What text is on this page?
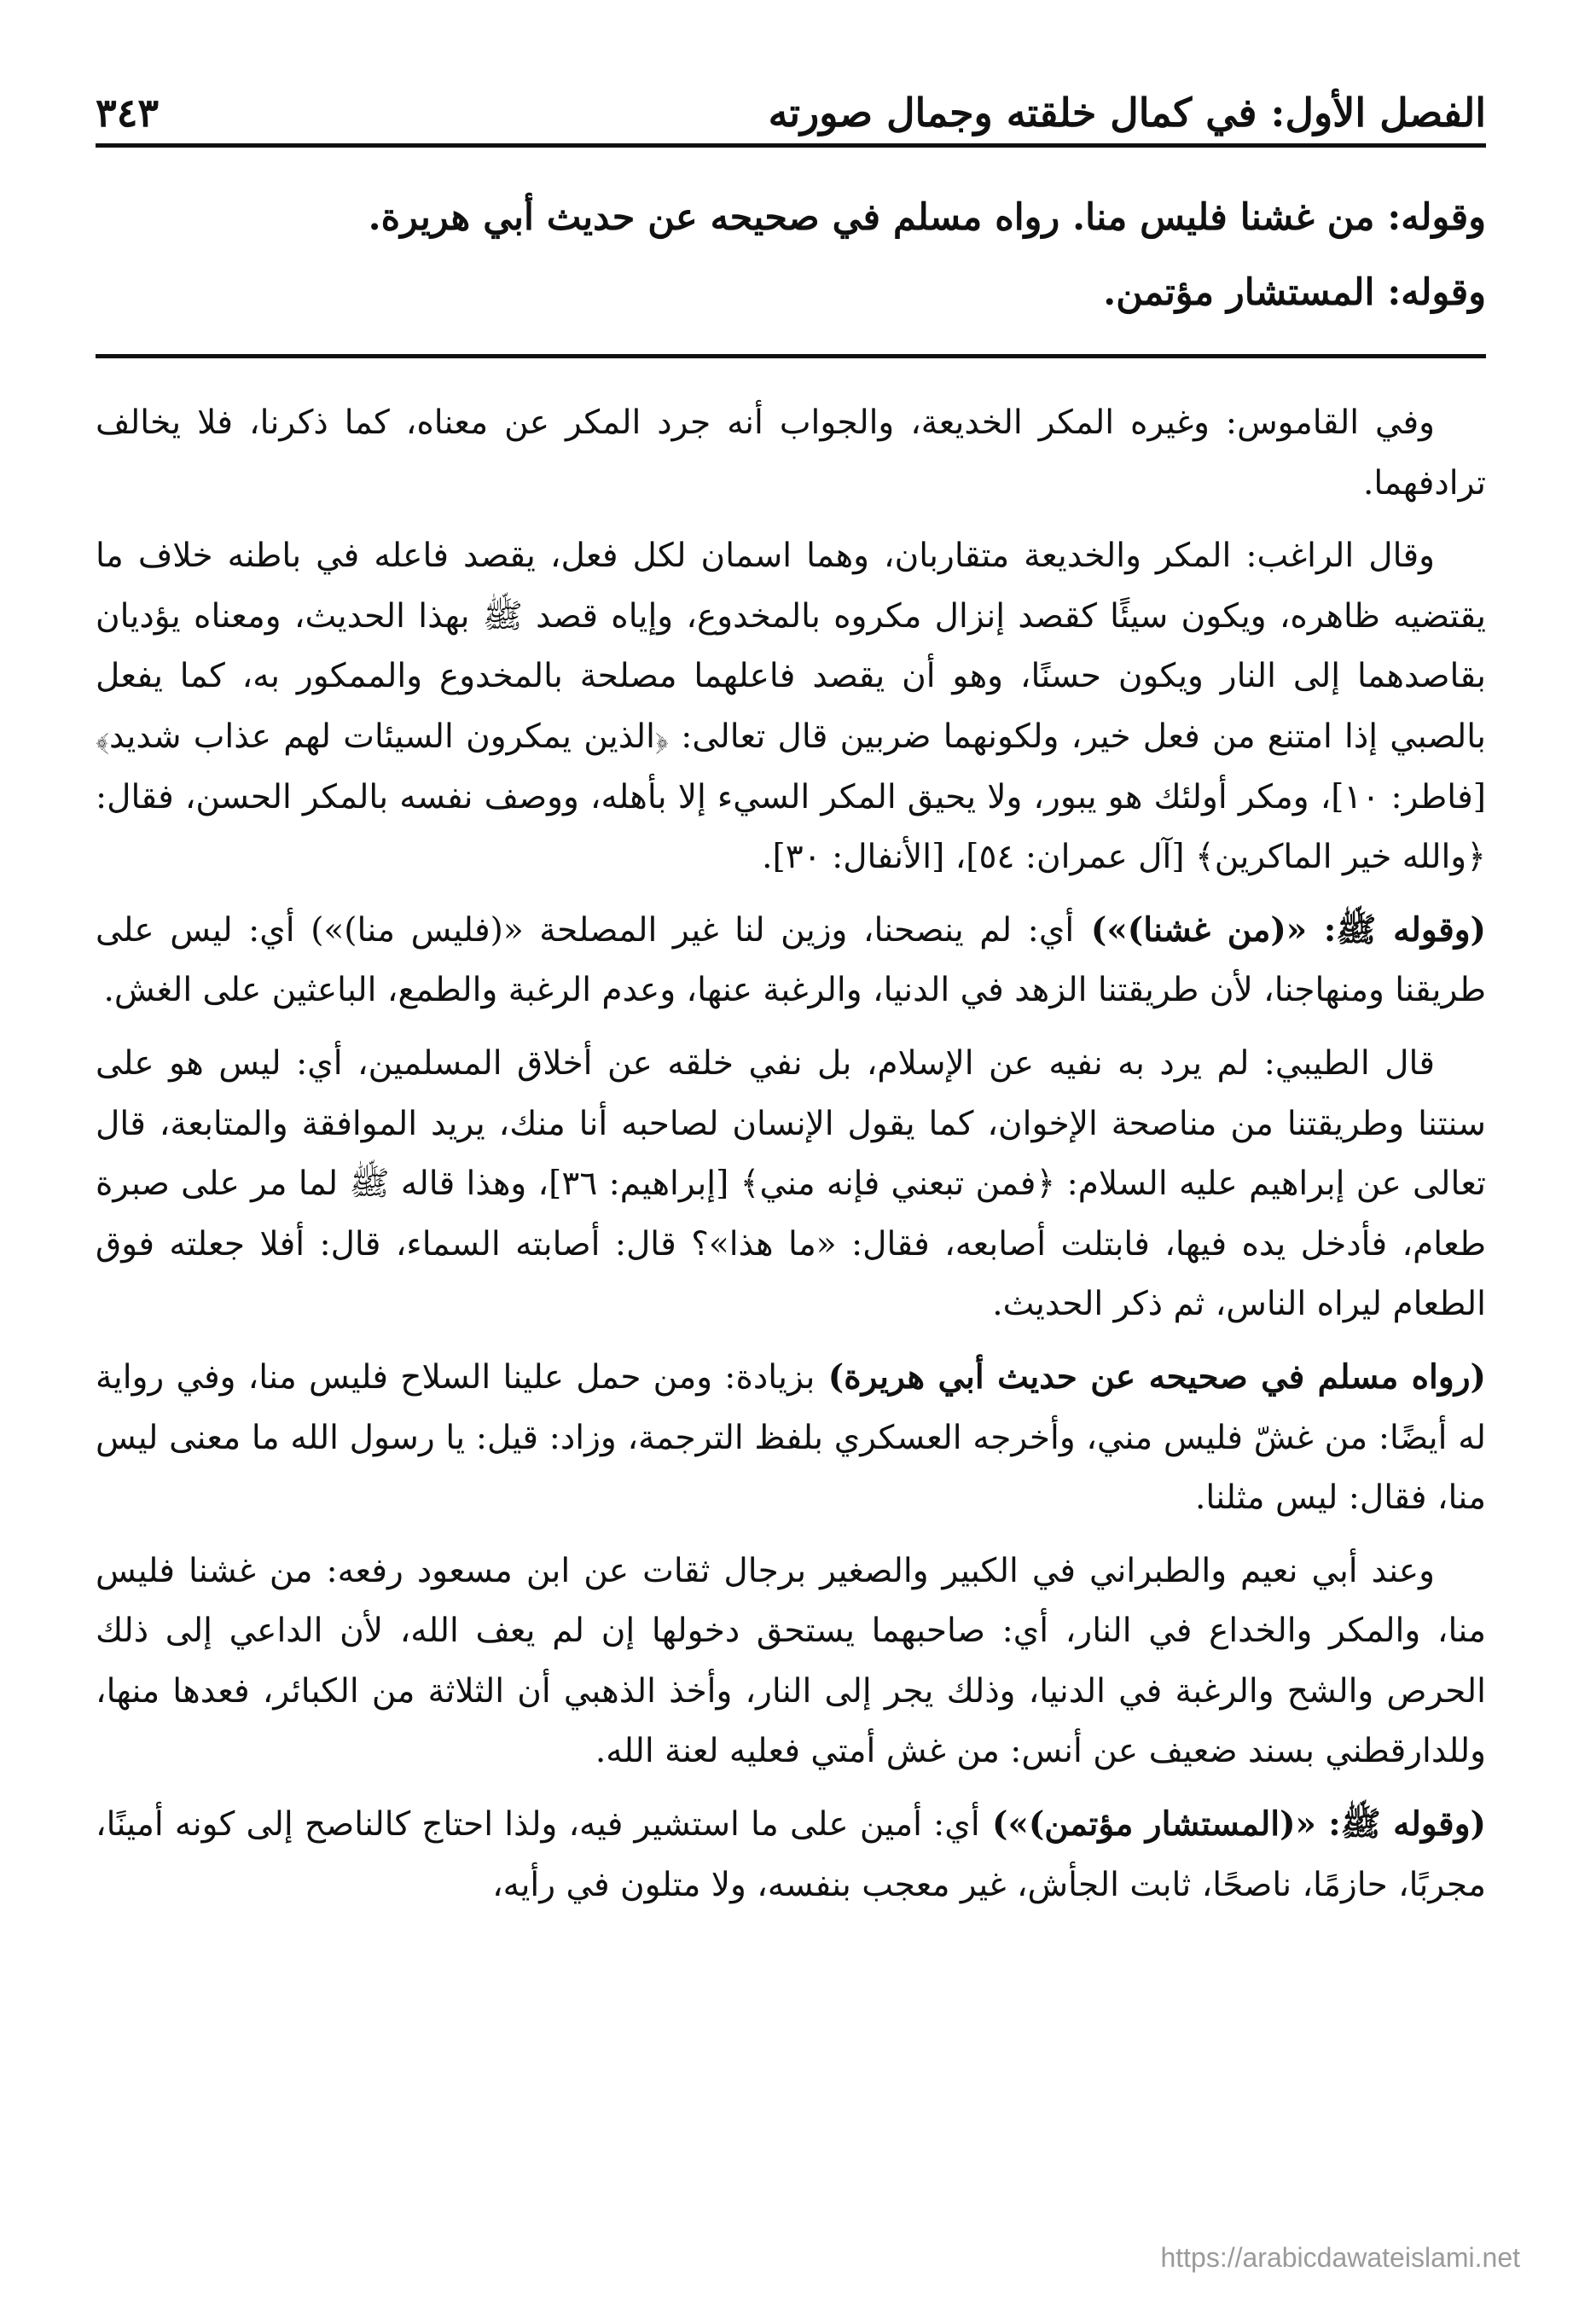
الفصل الأول: في كمال خلقته وجمال صورته
٣٤٣

وقوله: من غشنا فليس منا. رواه مسلم في صحيحه عن حديث أبي هريرة.

وقوله: المستشار مؤتمن.

وفي القاموس: وغيره المكر الخديعة، والجواب أنه جرد المكر عن معناه، كما ذكرنا، فلا يخالف ترادفهما.

وقال الراغب: المكر والخديعة متقاربان، وهما اسمان لكل فعل، يقصد فاعله في باطنه خلاف ما يقتضيه ظاهره، ويكون سيئًا كقصد إنزال مكروه بالمخدوع، وإياه قصد ﷺ بهذا الحديث، ومعناه يؤديان بقاصدهما إلى النار ويكون حسنًا، وهو أن يقصد فاعلهما مصلحة بالمخدوع والممكور به، كما يفعل بالصبي إذا امتنع من فعل خير، ولكونهما ضربين قال تعالى: ﴿الذين يمكرون السيئات لهم عذاب شديد﴾ [فاطر: ١٠]، ومكر أولئك هو يبور، ولا يحيق المكر السيء إلا بأهله، ووصف نفسه بالمكر الحسن، فقال: ﴿والله خير الماكرين﴾ [آل عمران: ٥٤]، [الأنفال: ٣٠].

(وقوله ﷺ: «(من غشنا)») أي: لم ينصحنا، وزين لنا غير المصلحة «(فليس منا)») أي: ليس على طريقنا ومنهاجنا، لأن طريقتنا الزهد في الدنيا، والرغبة عنها، وعدم الرغبة والطمع، الباعثين على الغش.

قال الطيبي: لم يرد به نفيه عن الإسلام، بل نفي خلقه عن أخلاق المسلمين، أي: ليس هو على سنتنا وطريقتنا من مناصحة الإخوان، كما يقول الإنسان لصاحبه أنا منك، يريد الموافقة والمتابعة، قال تعالى عن إبراهيم عليه السلام: ﴿فمن تبعني فإنه مني﴾ [إبراهيم: ٣٦]، وهذا قاله ﷺ لما مر على صبرة طعام، فأدخل يده فيها، فابتلت أصابعه، فقال: «ما هذا»؟ قال: أصابته السماء، قال: أفلا جعلته فوق الطعام ليراه الناس، ثم ذكر الحديث.

(رواه مسلم في صحيحه عن حديث أبي هريرة) بزيادة: ومن حمل علينا السلاح فليس منا، وفي رواية له أيضًا: من غشّ فليس مني، وأخرجه العسكري بلفظ الترجمة، وزاد: قيل: يا رسول الله ما معنى ليس منا، فقال: ليس مثلنا.

وعند أبي نعيم والطبراني في الكبير والصغير برجال ثقات عن ابن مسعود رفعه: من غشنا فليس منا، والمكر والخداع في النار، أي: صاحبهما يستحق دخولها إن لم يعف الله، لأن الداعي إلى ذلك الحرص والشح والرغبة في الدنيا، وذلك يجر إلى النار، وأخذ الذهبي أن الثلاثة من الكبائر، فعدها منها، وللدارقطني بسند ضعيف عن أنس: من غش أمتي فعليه لعنة الله.

(وقوله ﷺ: «(المستشار مؤتمن)») أي: أمين على ما استشير فيه، ولذا احتاج كالناصح إلى كونه أمينًا، مجربًا، حازمًا، ناصحًا، ثابت الجأش، غير معجب بنفسه، ولا متلون في رأيه،

https://arabicdawateislami.net
